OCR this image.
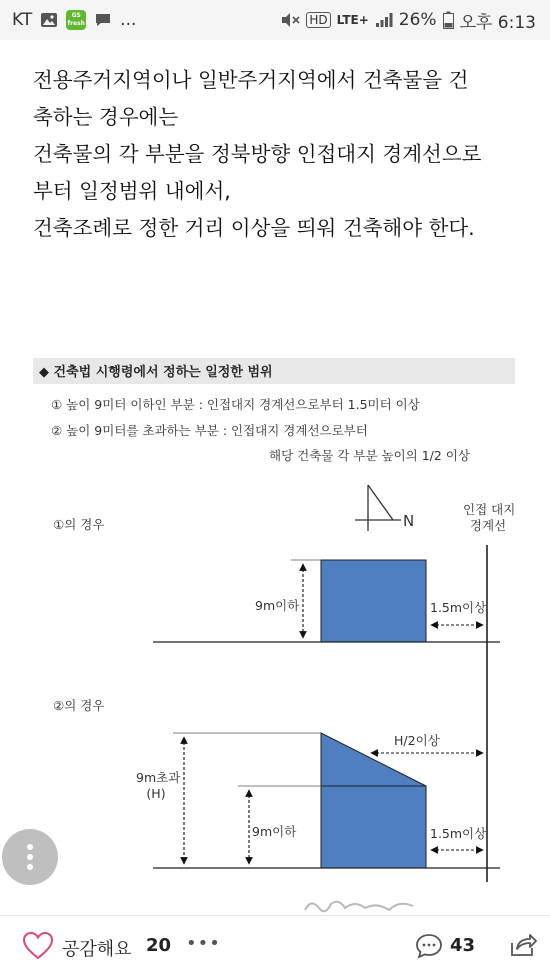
KT	GS
fresh ...	HD LTE+ 26% 오후 6:13

전용주거지역이나 일반주거지역에서 건축물을 건

축하는 경우에는

건축물의 각 부분을 정북방향 인접대지 경계선으로

부터 일정범위 내에서,

건축조례로 정한 거리 이상을 띄워 건축해야 한다.

◆ 건축법 시행령에서 정하는 일정한 범위
① 높이 9미터 이하인 부분 : 인접대지 경계선으로부터 1.5미터 이상
② 높이 9미터를 초과하는 부분 : 인접대지 경계선으로부터
해당 건축물 각 부분 높이의 1/2 이상
①의 경우	N
인접 대지
경계선
9m이하	1.5m이상
②의 경우
H/2이상
9m초과
(H)
9m이하	1.5m이상
공감해요 20 •••	43
